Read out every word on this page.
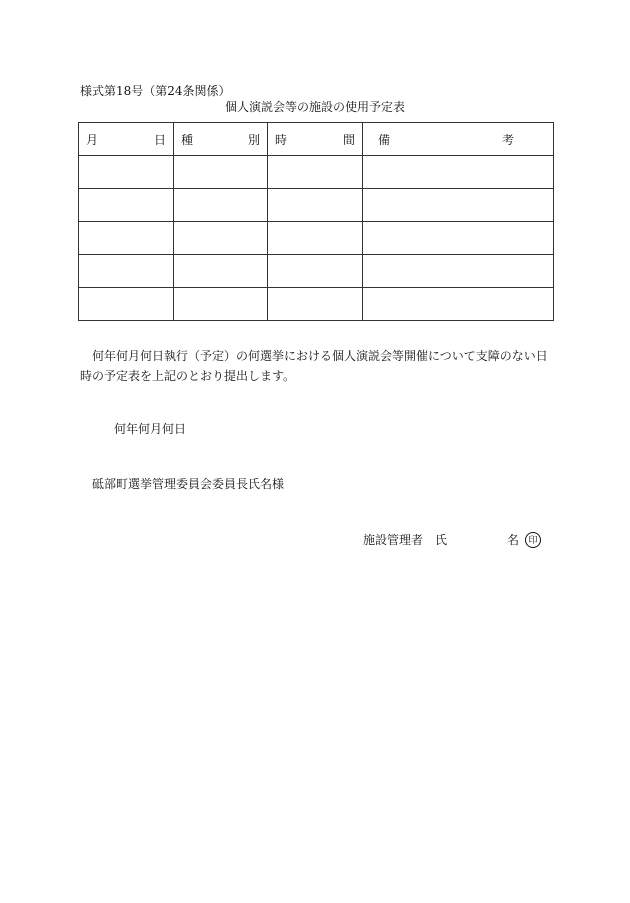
様式第18号（第24条関係）
個人演説会等の施設の使用予定表
月 日	種 別	時 間	備 考

何年何月何日執行（予定）の何選挙における個人演説会等開催について支障のない日時の予定表を上記のとおり提出します。
何年何月何日
砥部町選挙管理委員会委員長氏名様
施設管理者 氏	名	印
